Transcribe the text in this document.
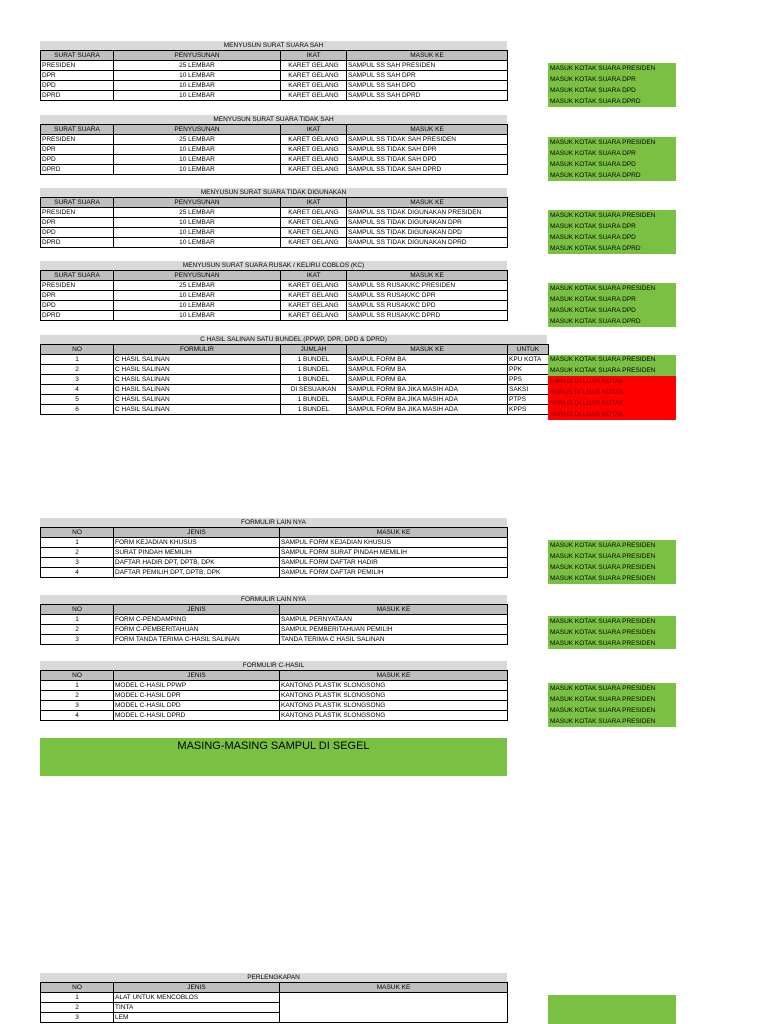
MENYUSUN SURAT SUARA SAH
SURAT SUARA	PENYUSUNAN	IKAT	MASUK KE
PRESIDEN	25 LEMBAR	KARET GELANG	SAMPUL SS SAH PRESIDEN
DPR	10 LEMBAR	KARET GELANG	SAMPUL SS SAH DPR
DPD	10 LEMBAR	KARET GELANG	SAMPUL SS SAH DPD
DPRD	10 LEMBAR	KARET GELANG	SAMPUL SS SAH DPRD
MASUK KOTAK SUARA PRESIDEN
MASUK KOTAK SUARA DPR
MASUK KOTAK SUARA DPD
MASUK KOTAK SUARA DPRD
MENYUSUN SURAT SUARA TIDAK SAH
SURAT SUARA	PENYUSUNAN	IKAT	MASUK KE
PRESIDEN	25 LEMBAR	KARET GELANG	SAMPUL SS TIDAK SAH PRESIDEN
DPR	10 LEMBAR	KARET GELANG	SAMPUL SS TIDAK SAH DPR
DPD	10 LEMBAR	KARET GELANG	SAMPUL SS TIDAK SAH DPD
DPRD	10 LEMBAR	KARET GELANG	SAMPUL SS TIDAK SAH DPRD
MASUK KOTAK SUARA PRESIDEN
MASUK KOTAK SUARA DPR
MASUK KOTAK SUARA DPD
MASUK KOTAK SUARA DPRD
MENYUSUN SURAT SUARA TIDAK DIGUNAKAN
SURAT SUARA	PENYUSUNAN	IKAT	MASUK KE
PRESIDEN	25 LEMBAR	KARET GELANG	SAMPUL SS TIDAK DIGUNAKAN PRESIDEN
DPR	10 LEMBAR	KARET GELANG	SAMPUL SS TIDAK DIGUNAKAN DPR
DPD	10 LEMBAR	KARET GELANG	SAMPUL SS TIDAK DIGUNAKAN DPD
DPRD	10 LEMBAR	KARET GELANG	SAMPUL SS TIDAK DIGUNAKAN DPRD
MASUK KOTAK SUARA PRESIDEN
MASUK KOTAK SUARA DPR
MASUK KOTAK SUARA DPD
MASUK KOTAK SUARA DPRD
MENYUSUN SURAT SUARA RUSAK / KELIRU COBLOS (KC)
SURAT SUARA	PENYUSUNAN	IKAT	MASUK KE
PRESIDEN	25 LEMBAR	KARET GELANG	SAMPUL SS RUSAK/KC PRESIDEN
DPR	10 LEMBAR	KARET GELANG	SAMPUL SS RUSAK/KC DPR
DPD	10 LEMBAR	KARET GELANG	SAMPUL SS RUSAK/KC DPD
DPRD	10 LEMBAR	KARET GELANG	SAMPUL SS RUSAK/KC DPRD
MASUK KOTAK SUARA PRESIDEN
MASUK KOTAK SUARA DPR
MASUK KOTAK SUARA DPD
MASUK KOTAK SUARA DPRD
C HASIL SALINAN SATU BUNDEL (PPWP, DPR, DPD & DPRD)
NO	FORMULIR	JUMLAH	MASUK KE	UNTUK
1	C HASIL SALINAN	1 BUNDEL	SAMPUL FORM BA	KPU KOTA
2	C HASIL SALINAN	1 BUNDEL	SAMPUL FORM BA	PPK
3	C HASIL SALINAN	1 BUNDEL	SAMPUL FORM BA	PPS
4	C HASIL SALINAN	DI SESUAIKAN	SAMPUL FORM BA JIKA MASIH ADA	SAKSI
5	C HASIL SALINAN	1 BUNDEL	SAMPUL FORM BA JIKA MASIH ADA	PTPS
6	C HASIL SALINAN	1 BUNDEL	SAMPUL FORM BA JIKA MASIH ADA	KPPS
MASUK KOTAK SUARA PRESIDEN
MASUK KOTAK SUARA PRESIDEN
HARUS DI LUAR KOTAK
HARUS DI LUAR KOTAK
HARUS DI LUAR KOTAK
HARUS DI LUAR KOTAK
FORMULIR LAIN NYA
NO	JENIS	MASUK KE
1	FORM KEJADIAN KHUSUS	SAMPUL FORM KEJADIAN KHUSUS
2	SURAT PINDAH MEMILIH	SAMPUL FORM SURAT PINDAH MEMILIH
3	DAFTAR HADIR DPT, DPTB, DPK	SAMPUL FORM DAFTAR HADIR
4	DAFTAR PEMILIH DPT, DPTB, DPK	SAMPUL FORM DAFTAR PEMILIH
MASUK KOTAK SUARA PRESIDEN
MASUK KOTAK SUARA PRESIDEN
MASUK KOTAK SUARA PRESIDEN
MASUK KOTAK SUARA PRESIDEN
FORMULIR LAIN NYA
NO	JENIS	MASUK KE
1	FORM C-PENDAMPING	SAMPUL PERNYATAAN
2	FORM C-PEMBERITAHUAN	SAMPUL PEMBERITAHUAN PEMILIH
3	FORM TANDA TERIMA C-HASIL SALINAN	TANDA TERIMA C HASIL SALINAN
MASUK KOTAK SUARA PRESIDEN
MASUK KOTAK SUARA PRESIDEN
MASUK KOTAK SUARA PRESIDEN
FORMULIR C-HASIL
NO	JENIS	MASUK KE
1	MODEL C-HASIL PPWP	KANTONG PLASTIK SLONGSONG
2	MODEL C-HASIL DPR	KANTONG PLASTIK SLONGSONG
3	MODEL C-HASIL DPD	KANTONG PLASTIK SLONGSONG
4	MODEL C-HASIL DPRD	KANTONG PLASTIK SLONGSONG
MASUK KOTAK SUARA PRESIDEN
MASUK KOTAK SUARA PRESIDEN
MASUK KOTAK SUARA PRESIDEN
MASUK KOTAK SUARA PRESIDEN
MASING-MASING SAMPUL DI SEGEL
PERLENGKAPAN
NO	JENIS	MASUK KE
1	ALAT UNTUK MENCOBLOS	
2	TINTA	
3	LEM	
